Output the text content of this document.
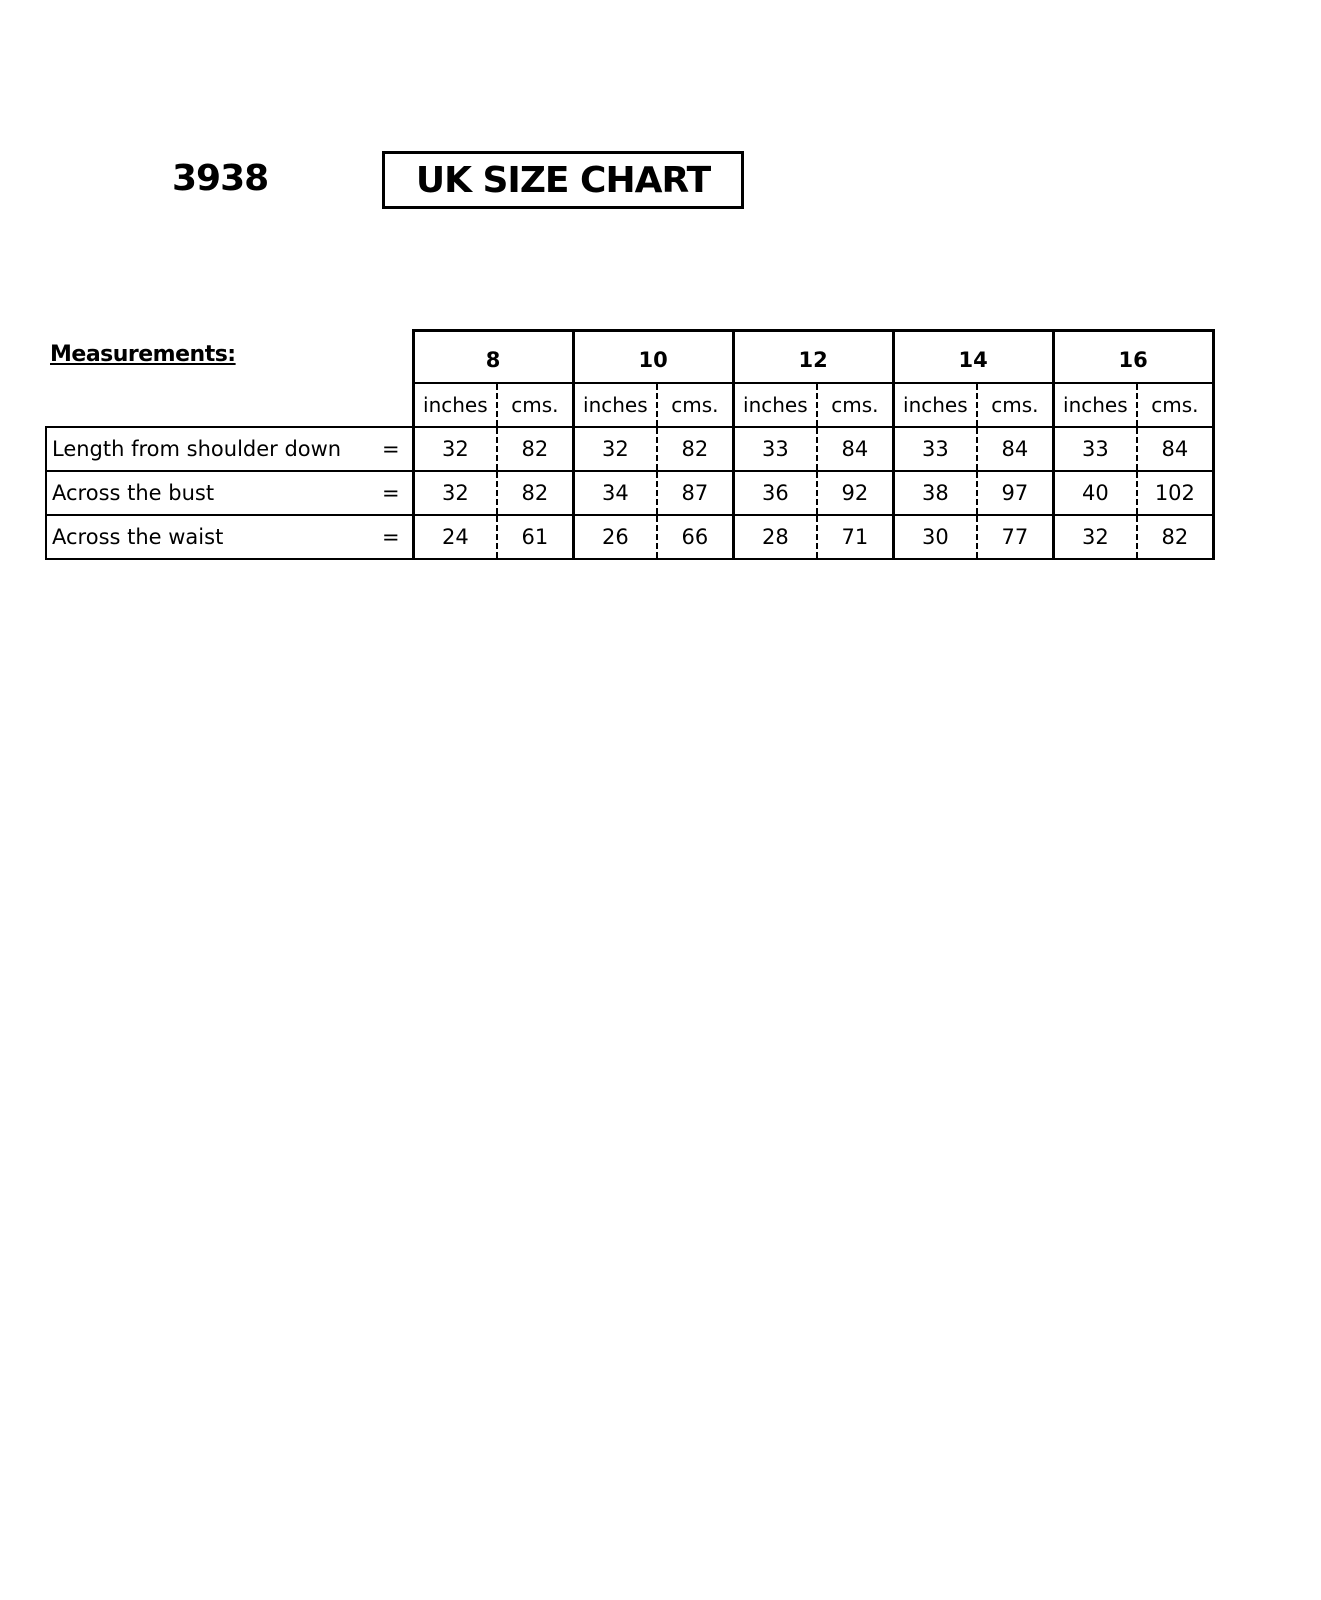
3938	UK SIZE CHART
Measurements:
		8		10		12		14		16	
		inches	cms.	inches	cms.	inches	cms.	inches	cms.	inches	cms.
Length from shoulder down	=	32	82	32	82	33	84	33	84	33	84
Across the bust	=	32	82	34	87	36	92	38	97	40	102
Across the waist	=	24	61	26	66	28	71	30	77	32	82
